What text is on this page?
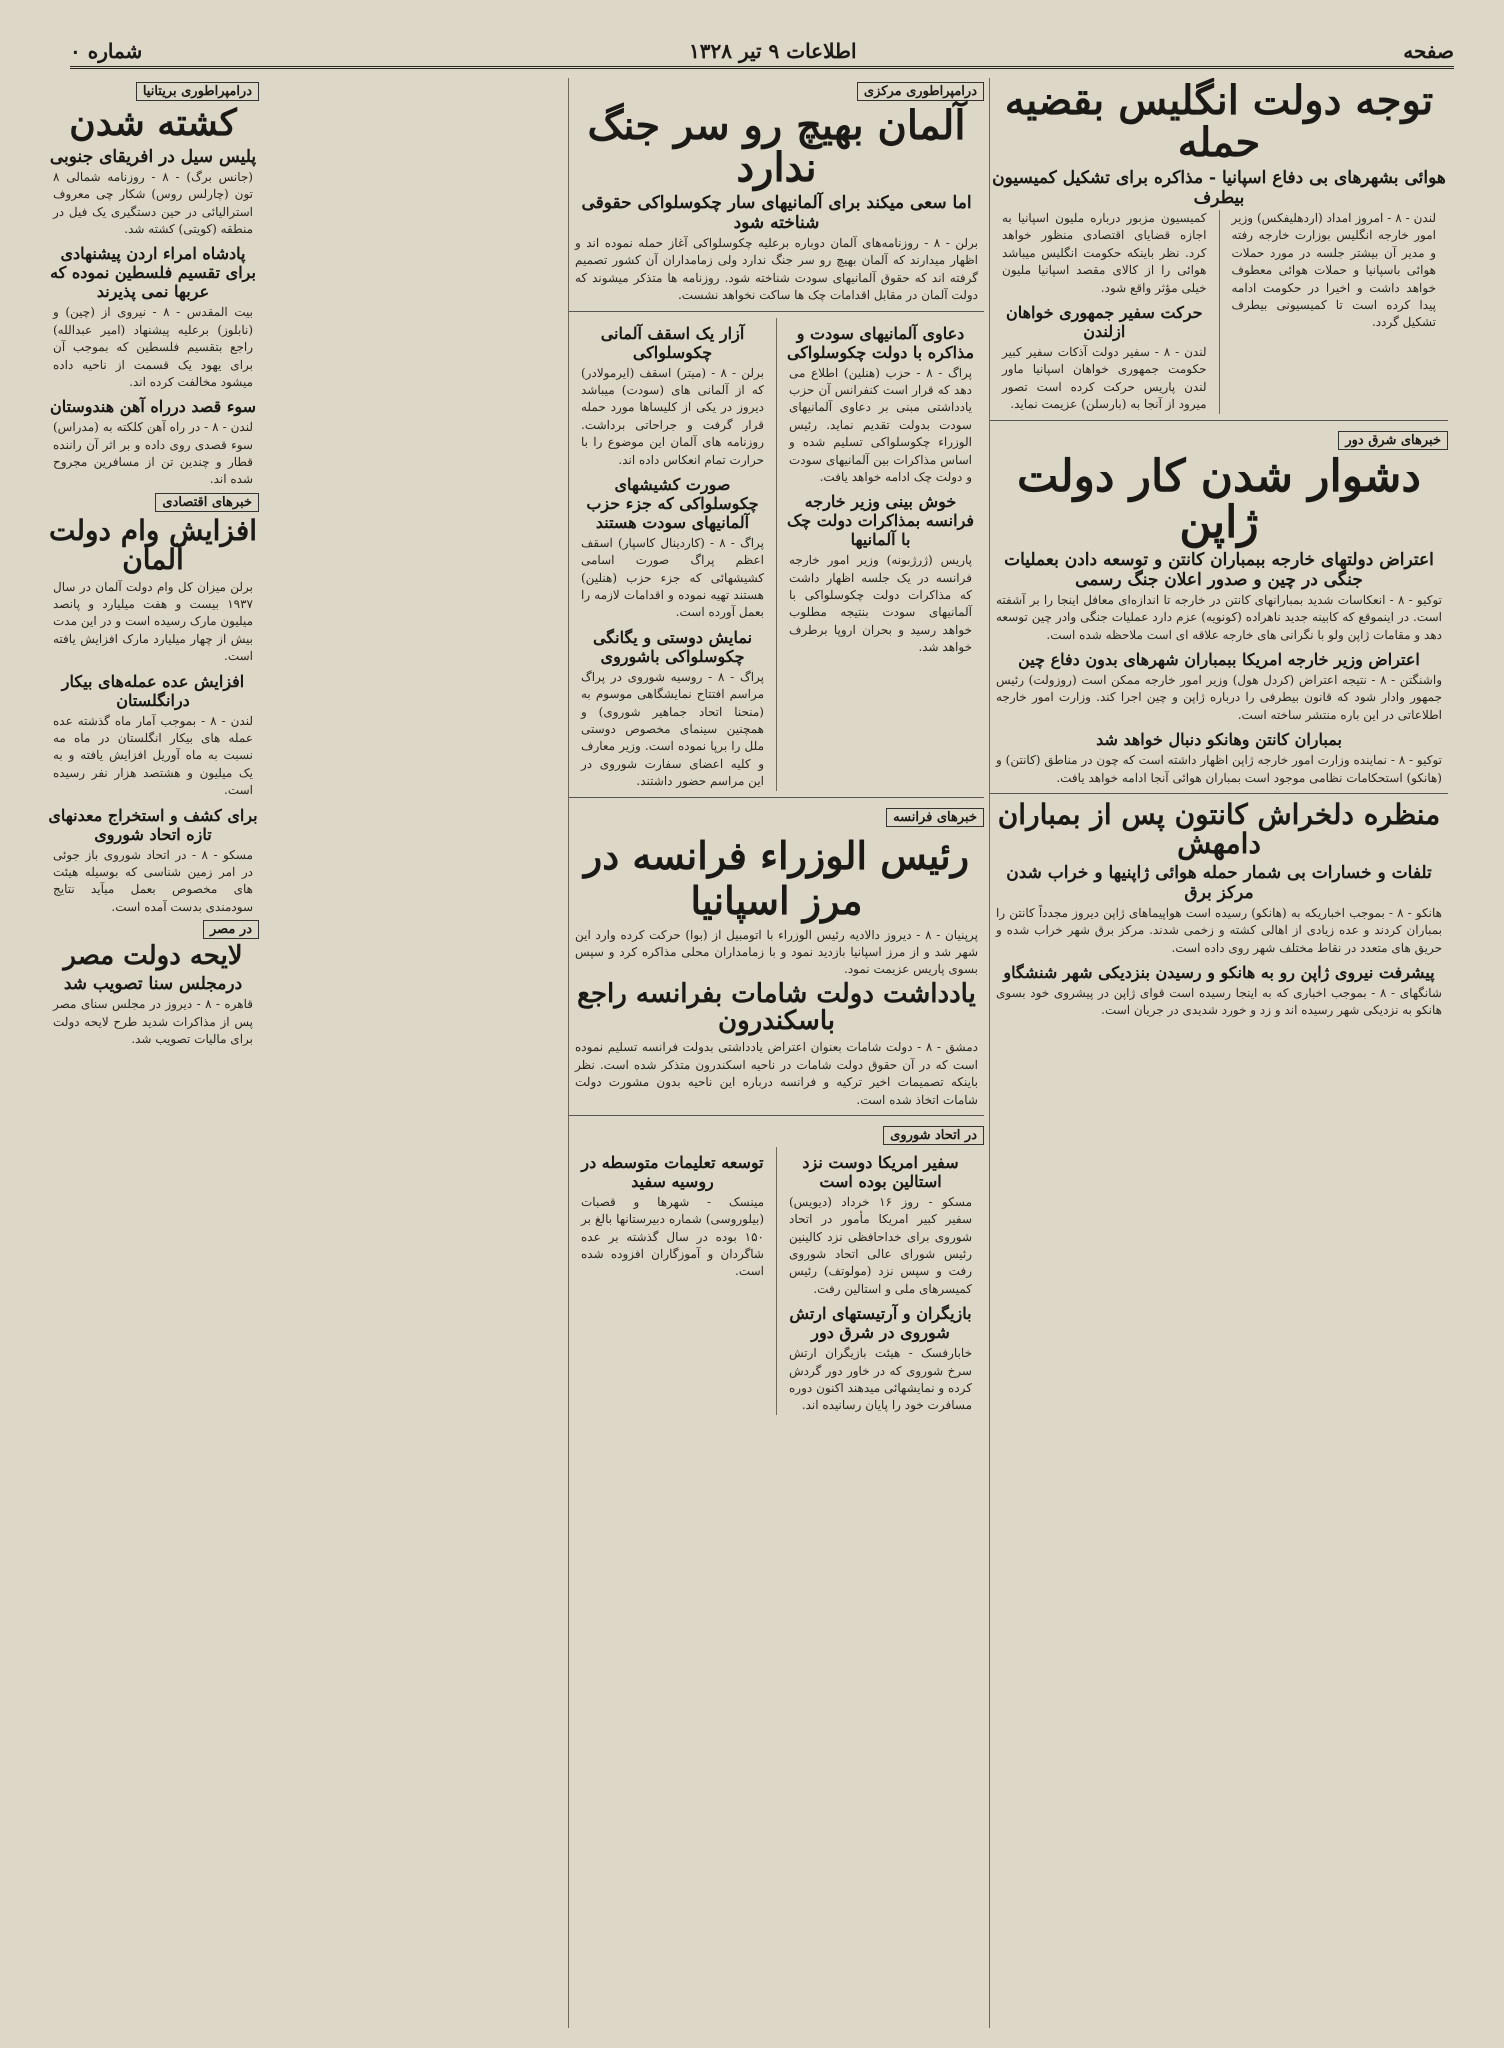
صفحه
اطلاعات ۹ تیر ۱۳۲۸
شماره ۰
توجه دولت انگلیس بقضیه حمله
هوائی بشهرهای بی دفاع اسپانیا - مذاکره برای تشکیل کمیسیون بیطرف

لندن - ۸ - امروز امداد (اردهلیفکس) وزیر امور خارجه انگلیس بوزارت خارجه رفته و مدیر آن بیشتر جلسه در مورد حملات هوائی باسپانیا و حملات هوائی معطوف خواهد داشت و اخیرا در حکومت ادامه پیدا کرده است تا کمیسیونی بیطرف تشکیل گردد.

کمیسیون مزبور درباره ملیون اسپانیا به اجازه قضایای اقتصادی منظور خواهد کرد. نظر باینکه حکومت انگلیس میباشد هوائی را از کالای مقصد اسپانیا ملیون خیلی مؤثر واقع شود.

حرکت سفیر جمهوری خواهان ازلندن

لندن - ۸ - سفیر دولت آذکات سفیر کبیر حکومت جمهوری خواهان اسپانیا ماور لندن پاریس حرکت کرده است تصور میرود از آنجا به (بارسلن) عزیمت نماید.

خبرهای شرق دور
دشوار شدن کار دولت ژاپن
اعتراض دولتهای خارجه ببمباران کانتن و توسعه دادن بعملیات جنگی در چین و صدور اعلان جنگ رسمی

توکیو - ۸ - انعکاسات شدید بمبارانهای کانتن در خارجه تا اندازه‌ای معافل اینجا را بر آشفته است. در اینموقع که کابینه جدید ناهراده (کونویه) عزم دارد عملیات جنگی وادر چین توسعه دهد و مقامات ژاپن ولو با نگرانی های خارجه علاقه ای است ملاحظه شده است.

اعتراض وزیر خارجه امریکا ببمباران شهرهای بدون دفاع چین

واشنگتن - ۸ - نتیجه اعتراض (کردل هول) وزیر امور خارجه ممکن است (روزولت) رئیس جمهور وادار شود که قانون بیطرفی را درباره ژاپن و چین اجرا کند. وزارت امور خارجه اطلاعاتی در این باره منتشر ساخته است.

بمباران کانتن وهانکو دنبال خواهد شد

توکیو - ۸ - نماینده وزارت امور خارجه ژاپن اظهار داشته است که چون در مناطق (کانتن) و (هانکو) استحکامات نظامی موجود است بمباران هوائی آنجا ادامه خواهد یافت.

منظره دلخراش کانتون پس از بمباران دامهش
تلفات و خسارات بی شمار حمله هوائی ژاپنیها و خراب شدن مرکز برق

هانکو - ۸ - بموجب اخباریکه به (هانکو) رسیده است هواپیماهای ژاپن دیروز مجدداً کانتن را بمباران کردند و عده زیادی از اهالی کشته و زخمی شدند. مرکز برق شهر خراب شده و حریق های متعدد در نقاط مختلف شهر روی داده است.

پیشرفت نیروی ژاپن رو به هانکو و رسیدن بنزدیکی شهر شنشگاو

شانگهای - ۸ - بموجب اخباری که به اینجا رسیده است قوای ژاپن در پیشروی خود بسوی هانکو به نزدیکی شهر رسیده اند و زد و خورد شدیدی در جریان است.

درامپراطوری مرکزی
آلمان بهیچ رو سر جنگ ندارد
اما سعی میکند برای آلمانیهای سار چکوسلواکی حقوقی شناخته شود

برلن - ۸ - روزنامه‌های آلمان دوباره برعلیه چکوسلواکی آغاز حمله نموده اند و اظهار میدارند که آلمان بهیچ رو سر جنگ ندارد ولی زمامداران آن کشور تصمیم گرفته اند که حقوق آلمانیهای سودت شناخته شود. روزنامه ها متذکر میشوند که دولت آلمان در مقابل اقدامات چک ها ساکت نخواهد نشست.

دعاوی آلمانیهای سودت و مذاکره با دولت چکوسلواکی

پراگ - ۸ - حزب (هنلین) اطلاع می دهد که قرار است کنفرانس آن حزب یادداشتی مبنی بر دعاوی آلمانیهای سودت بدولت تقدیم نماید. رئیس الوزراء چکوسلواکی تسلیم شده و اساس مذاکرات بین آلمانیهای سودت و دولت چک ادامه خواهد یافت.

خوش بینی وزیر خارجه فرانسه بمذاکرات دولت چک با آلمانیها

پاریس (ژرژبونه) وزیر امور خارجه فرانسه در یک جلسه اظهار داشت که مذاکرات دولت چکوسلواکی با آلمانیهای سودت بنتیجه مطلوب خواهد رسید و بحران اروپا برطرف خواهد شد.

آزار یک اسقف آلمانی چکوسلواکی

برلن - ۸ - (میتر) اسقف (ایرمولادر) که از آلمانی های (سودت) میباشد دیروز در یکی از کلیساها مورد حمله قرار گرفت و جراحاتی برداشت. روزنامه های آلمان این موضوع را با حرارت تمام انعکاس داده اند.

صورت کشیشهای چکوسلواکی که جزء حزب آلمانیهای سودت هستند

پراگ - ۸ - (کاردینال کاسپار) اسقف اعظم پراگ صورت اسامی کشیشهائی که جزء حزب (هنلین) هستند تهیه نموده و اقدامات لازمه را بعمل آورده است.

نمایش دوستی و یگانگی چکوسلواکی باشوروی

پراگ - ۸ - روسیه شوروی در پراگ مراسم افتتاح نمایشگاهی موسوم به (منحنا اتحاد جماهیر شوروی) و همچنین سینمای مخصوص دوستی ملل را برپا نموده است. وزیر معارف و کلیه اعضای سفارت شوروی در این مراسم حضور داشتند.

خبرهای فرانسه
رئیس الوزراء فرانسه در مرز اسپانیا

پرپنیان - ۸ - دیروز دالادیه رئیس الوزراء با اتومبیل از (بوا) حرکت کرده وارد این شهر شد و از مرز اسپانیا بازدید نمود و با زمامداران محلی مذاکره کرد و سپس بسوی پاریس عزیمت نمود.

یادداشت دولت شامات بفرانسه راجع باسکندرون

دمشق - ۸ - دولت شامات بعنوان اعتراض یادداشتی بدولت فرانسه تسلیم نموده است که در آن حقوق دولت شامات در ناحیه اسکندرون متذکر شده است. نظر باینکه تصمیمات اخیر ترکیه و فرانسه درباره این ناحیه بدون مشورت دولت شامات اتخاذ شده است.

در اتحاد شوروی
سفیر امریکا دوست نزد استالین بوده است

مسکو - روز ۱۶ خرداد (دیویس) سفیر کبیر امریکا مأمور در اتحاد شوروی برای خداحافظی نزد کالینین رئیس شورای عالی اتحاد شوروی رفت و سپس نزد (مولوتف) رئیس کمیسرهای ملی و استالین رفت.

بازیگران و آرتیستهای ارتش شوروی در شرق دور

خابارفسک - هیئت بازیگران ارتش سرخ شوروی که در خاور دور گردش کرده و نمایشهائی میدهند اکنون دوره مسافرت خود را پایان رسانیده اند.

توسعه تعلیمات متوسطه در روسیه سفید

مینسک - شهرها و قصبات (بیلوروسی) شماره دبیرستانها بالغ بر ۱۵۰ بوده در سال گذشته بر عده شاگردان و آموزگاران افزوده شده است.

درامپراطوری بریتانیا
کشته شدن
پلیس سیل در افریقای جنوبی

(جانس برگ) - ۸ - روزنامه شمالی ۸ تون (چارلس روس) شکار چی معروف استرالیائی در حین دستگیری یک فیل در منطقه (کویتی) کشته شد.

پادشاه امراء اردن پیشنهادی برای تقسیم فلسطین نموده که عربها نمی پذیرند

بیت المقدس - ۸ - نیروی از (چین) و (نابلوز) برعلیه پیشنهاد (امیر عبدالله) راجع بتقسیم فلسطین که بموجب آن برای یهود یک قسمت از ناحیه داده میشود مخالفت کرده اند.

سوء قصد درراه آهن هندوستان

لندن - ۸ - در راه آهن کلکته به (مدراس) سوء قصدی روی داده و بر اثر آن راننده قطار و چندین تن از مسافرین مجروح شده اند.

خبرهای اقتصادی
افزایش وام دولت آلمان

برلن میزان کل وام دولت آلمان در سال ۱۹۳۷ بیست و هفت میلیارد و پانصد میلیون مارک رسیده است و در این مدت بیش از چهار میلیارد مارک افزایش یافته است.

افزایش عده عمله‌های بیکار درانگلستان

لندن - ۸ - بموجب آمار ماه گذشته عده عمله های بیکار انگلستان در ماه مه نسبت به ماه آوریل افزایش یافته و به یک میلیون و هشتصد هزار نفر رسیده است.

برای کشف و استخراج معدنهای تازه اتحاد شوروی

مسکو - ۸ - در اتحاد شوروی باز جوئی در امر زمین شناسی که بوسیله هیئت های مخصوص بعمل میآید نتایج سودمندی بدست آمده است.

در مصر
لایحه دولت مصر
درمجلس سنا تصویب شد

قاهره - ۸ - دیروز در مجلس سنای مصر پس از مذاکرات شدید طرح لایحه دولت برای مالیات تصویب شد.
